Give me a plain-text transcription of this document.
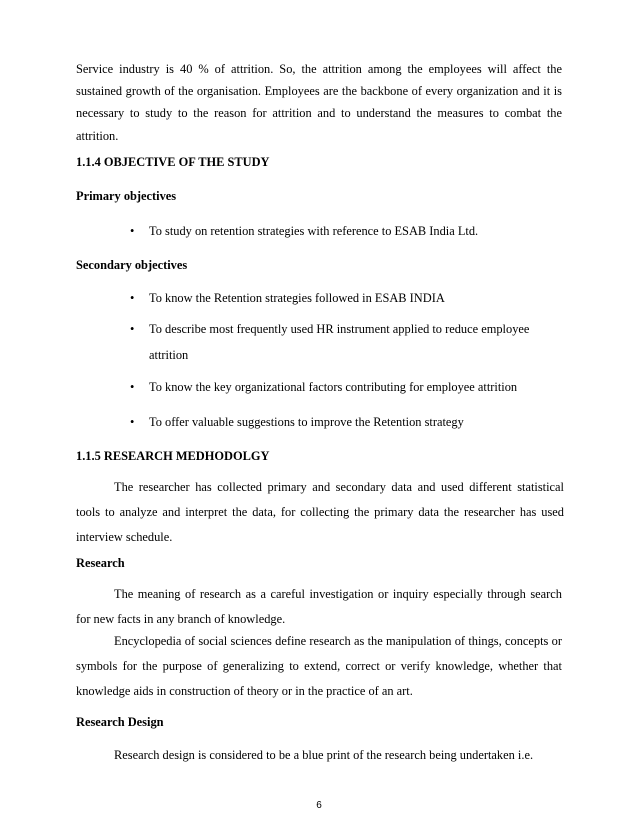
Service industry is 40 % of attrition. So, the attrition among the employees will affect the sustained growth of the organisation. Employees are the backbone of every organization and it is necessary to study to the reason for attrition and to understand the measures to combat the attrition.

1.1.4 OBJECTIVE OF THE STUDY
Primary objectives
• To study on retention strategies with reference to ESAB India Ltd.
Secondary objectives
• To know the Retention strategies followed in ESAB INDIA
• To describe most frequently used HR instrument applied to reduce employee attrition
• To know the key organizational factors contributing for employee attrition
• To offer valuable suggestions to improve the Retention strategy
1.1.5 RESEARCH MEDHODOLGY

The researcher has collected primary and secondary data and used different statistical tools to analyze and interpret the data, for collecting the primary data the researcher has used interview schedule.

Research

The meaning of research as a careful investigation or inquiry especially through search for new facts in any branch of knowledge.

Encyclopedia of social sciences define research as the manipulation of things, concepts or symbols for the purpose of generalizing to extend, correct or verify knowledge, whether that knowledge aids in construction of theory or in the practice of an art.

Research Design

Research design is considered to be a blue print of the research being undertaken i.e.

6
